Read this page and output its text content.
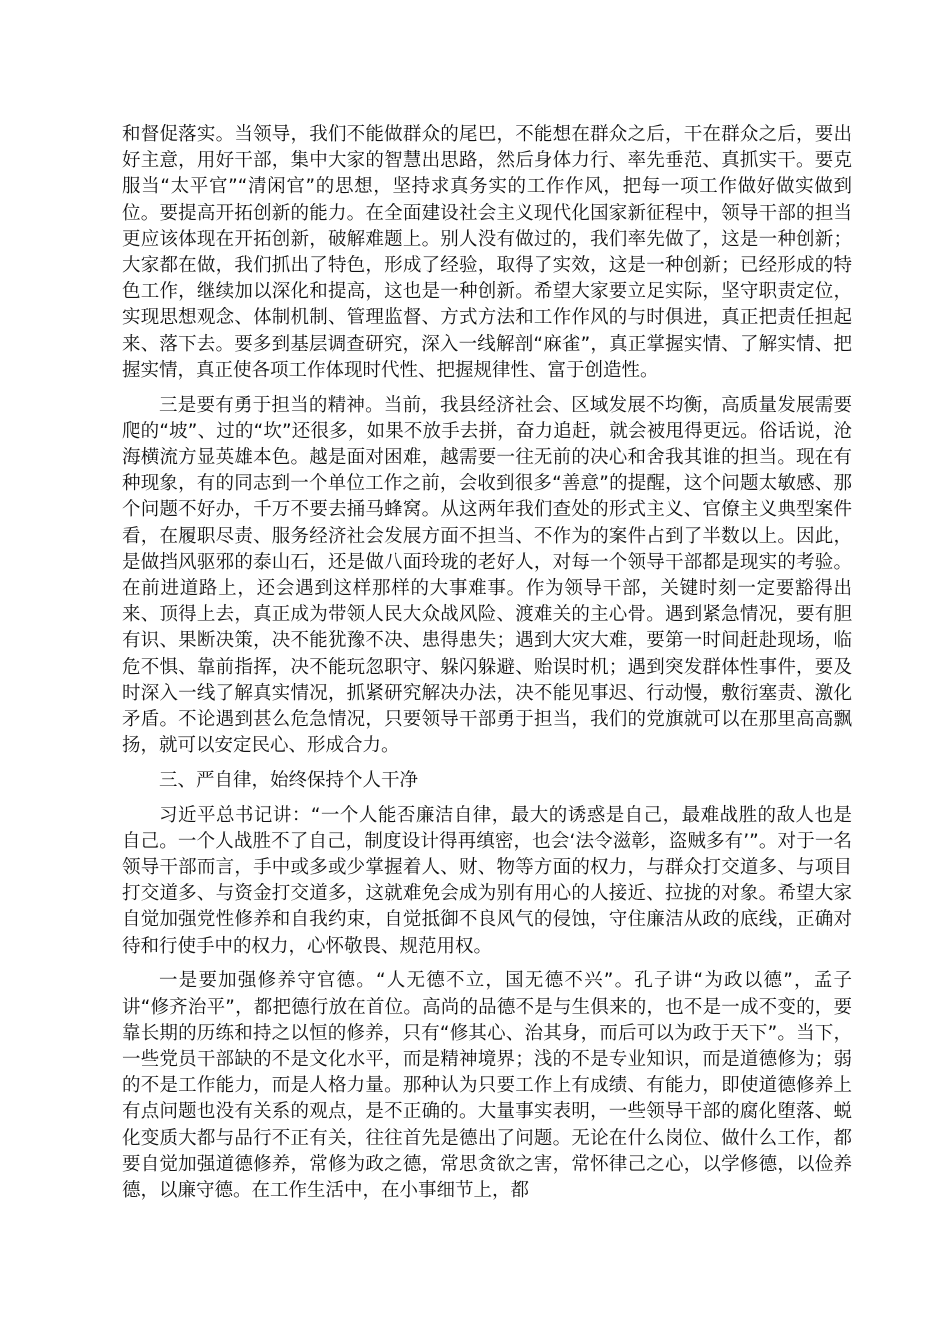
和督促落实。当领导，我们不能做群众的尾巴，不能想在群众之后，干在群众之后，要出好主意，用好干部，集中大家的智慧出思路，然后身体力行、率先垂范、真抓实干。要克服当“太平官”“清闲官”的思想，坚持求真务实的工作作风，把每一项工作做好做实做到位。要提高开拓创新的能力。在全面建设社会主义现代化国家新征程中，领导干部的担当更应该体现在开拓创新，破解难题上。别人没有做过的，我们率先做了，这是一种创新；大家都在做，我们抓出了特色，形成了经验，取得了实效，这是一种创新；已经形成的特色工作，继续加以深化和提高，这也是一种创新。希望大家要立足实际，坚守职责定位，实现思想观念、体制机制、管理监督、方式方法和工作作风的与时俱进，真正把责任担起来、落下去。要多到基层调查研究，深入一线解剖“麻雀”，真正掌握实情、了解实情、把握实情，真正使各项工作体现时代性、把握规律性、富于创造性。

三是要有勇于担当的精神。当前，我县经济社会、区域发展不均衡，高质量发展需要爬的“坡”、过的“坎”还很多，如果不放手去拼，奋力追赶，就会被甩得更远。俗话说，沧海横流方显英雄本色。越是面对困难，越需要一往无前的决心和舍我其谁的担当。现在有种现象，有的同志到一个单位工作之前，会收到很多“善意”的提醒，这个问题太敏感、那个问题不好办，千万不要去捅马蜂窝。从这两年我们查处的形式主义、官僚主义典型案件看，在履职尽责、服务经济社会发展方面不担当、不作为的案件占到了半数以上。因此，是做挡风驱邪的泰山石，还是做八面玲珑的老好人，对每一个领导干部都是现实的考验。在前进道路上，还会遇到这样那样的大事难事。作为领导干部，关键时刻一定要豁得出来、顶得上去，真正成为带领人民大众战风险、渡难关的主心骨。遇到紧急情况，要有胆有识、果断决策，决不能犹豫不决、患得患失；遇到大灾大难，要第一时间赶赴现场，临危不惧、靠前指挥，决不能玩忽职守、躲闪躲避、贻误时机；遇到突发群体性事件，要及时深入一线了解真实情况，抓紧研究解决办法，决不能见事迟、行动慢，敷衍塞责、激化矛盾。不论遇到甚么危急情况，只要领导干部勇于担当，我们的党旗就可以在那里高高飘扬，就可以安定民心、形成合力。

三、严自律，始终保持个人干净

习近平总书记讲：“一个人能否廉洁自律，最大的诱惑是自己，最难战胜的敌人也是自己。一个人战胜不了自己，制度设计得再缜密，也会‘法令滋彰，盗贼多有’”。对于一名领导干部而言，手中或多或少掌握着人、财、物等方面的权力，与群众打交道多、与项目打交道多、与资金打交道多，这就难免会成为别有用心的人接近、拉拢的对象。希望大家自觉加强党性修养和自我约束，自觉抵御不良风气的侵蚀，守住廉洁从政的底线，正确对待和行使手中的权力，心怀敬畏、规范用权。

一是要加强修养守官德。“人无德不立，国无德不兴”。孔子讲“为政以德”，孟子讲“修齐治平”，都把德行放在首位。高尚的品德不是与生俱来的，也不是一成不变的，要靠长期的历练和持之以恒的修养，只有“修其心、治其身，而后可以为政于天下”。当下，一些党员干部缺的不是文化水平，而是精神境界；浅的不是专业知识，而是道德修为；弱的不是工作能力，而是人格力量。那种认为只要工作上有成绩、有能力，即使道德修养上有点问题也没有关系的观点，是不正确的。大量事实表明，一些领导干部的腐化堕落、蜕化变质大都与品行不正有关，往往首先是德出了问题。无论在什么岗位、做什么工作，都要自觉加强道德修养，常修为政之德，常思贪欲之害，常怀律己之心，以学修德，以俭养德，以廉守德。在工作生活中，在小事细节上，都
